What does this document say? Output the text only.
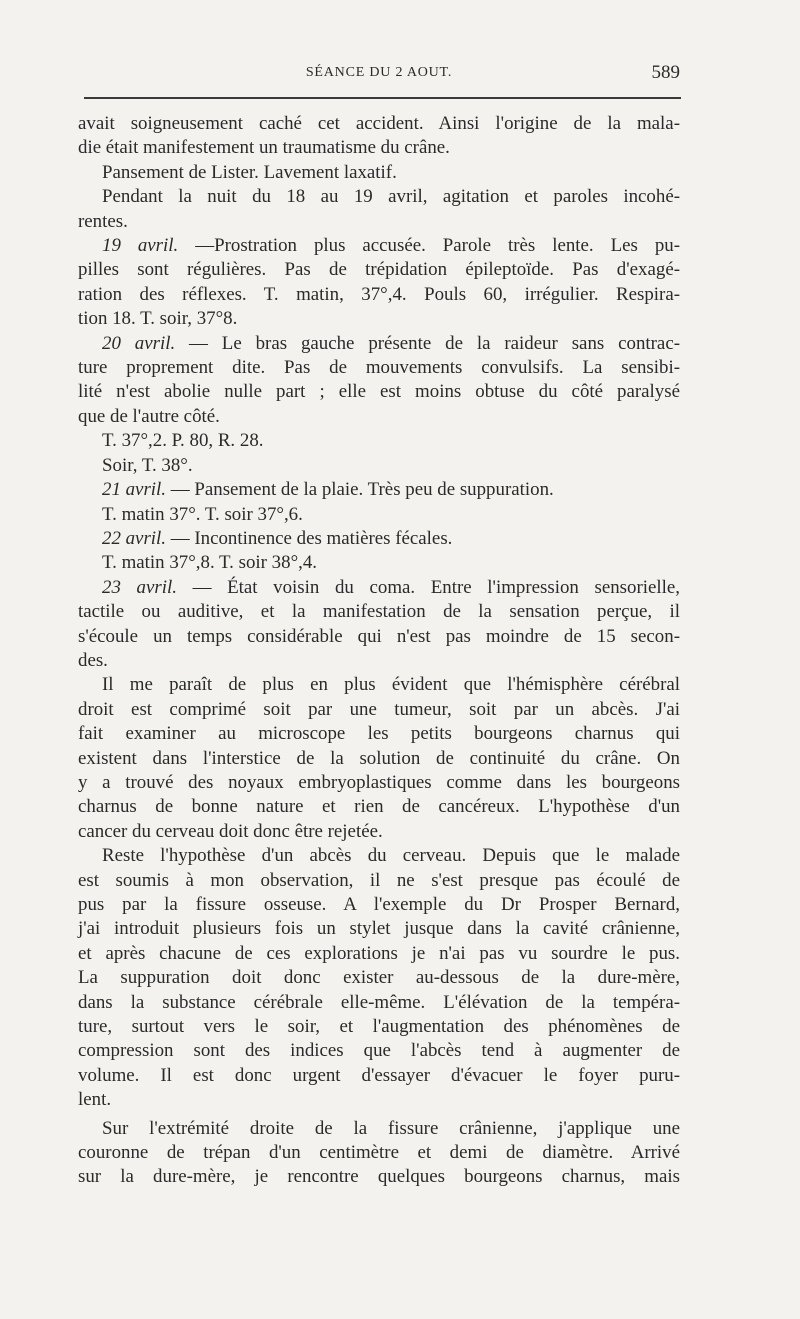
SÉANCE DU 2 AOUT.	589

avait soigneusement caché cet accident. Ainsi l'origine de la mala-
die était manifestement un traumatisme du crâne.

Pansement de Lister. Lavement laxatif.

Pendant la nuit du 18 au 19 avril, agitation et paroles incohé-
rentes.

19 avril. —Prostration plus accusée. Parole très lente. Les pu-
pilles sont régulières. Pas de trépidation épileptoïde. Pas d'exagé-
ration des réflexes. T. matin, 37°,4. Pouls 60, irrégulier. Respira-
tion 18. T. soir, 37°8.

20 avril. — Le bras gauche présente de la raideur sans contrac-
ture proprement dite. Pas de mouvements convulsifs. La sensibi-
lité n'est abolie nulle part ; elle est moins obtuse du côté paralysé
que de l'autre côté.

T. 37°,2. P. 80, R. 28.

Soir, T. 38°.

21 avril. — Pansement de la plaie. Très peu de suppuration.

T. matin 37°. T. soir 37°,6.

22 avril. — Incontinence des matières fécales.

T. matin 37°,8. T. soir 38°,4.

23 avril. — État voisin du coma. Entre l'impression sensorielle,
tactile ou auditive, et la manifestation de la sensation perçue, il
s'écoule un temps considérable qui n'est pas moindre de 15 secon-
des.

Il me paraît de plus en plus évident que l'hémisphère cérébral
droit est comprimé soit par une tumeur, soit par un abcès. J'ai
fait examiner au microscope les petits bourgeons charnus qui
existent dans l'interstice de la solution de continuité du crâne. On
y a trouvé des noyaux embryoplastiques comme dans les bourgeons
charnus de bonne nature et rien de cancéreux. L'hypothèse d'un
cancer du cerveau doit donc être rejetée.

Reste l'hypothèse d'un abcès du cerveau. Depuis que le malade
est soumis à mon observation, il ne s'est presque pas écoulé de
pus par la fissure osseuse. A l'exemple du Dr Prosper Bernard,
j'ai introduit plusieurs fois un stylet jusque dans la cavité crânienne,
et après chacune de ces explorations je n'ai pas vu sourdre le pus.
La suppuration doit donc exister au-dessous de la dure-mère,
dans la substance cérébrale elle-même. L'élévation de la tempéra-
ture, surtout vers le soir, et l'augmentation des phénomènes de
compression sont des indices que l'abcès tend à augmenter de
volume. Il est donc urgent d'essayer d'évacuer le foyer puru-
lent.

Sur l'extrémité droite de la fissure crânienne, j'applique une
couronne de trépan d'un centimètre et demi de diamètre. Arrivé
sur la dure-mère, je rencontre quelques bourgeons charnus, mais
